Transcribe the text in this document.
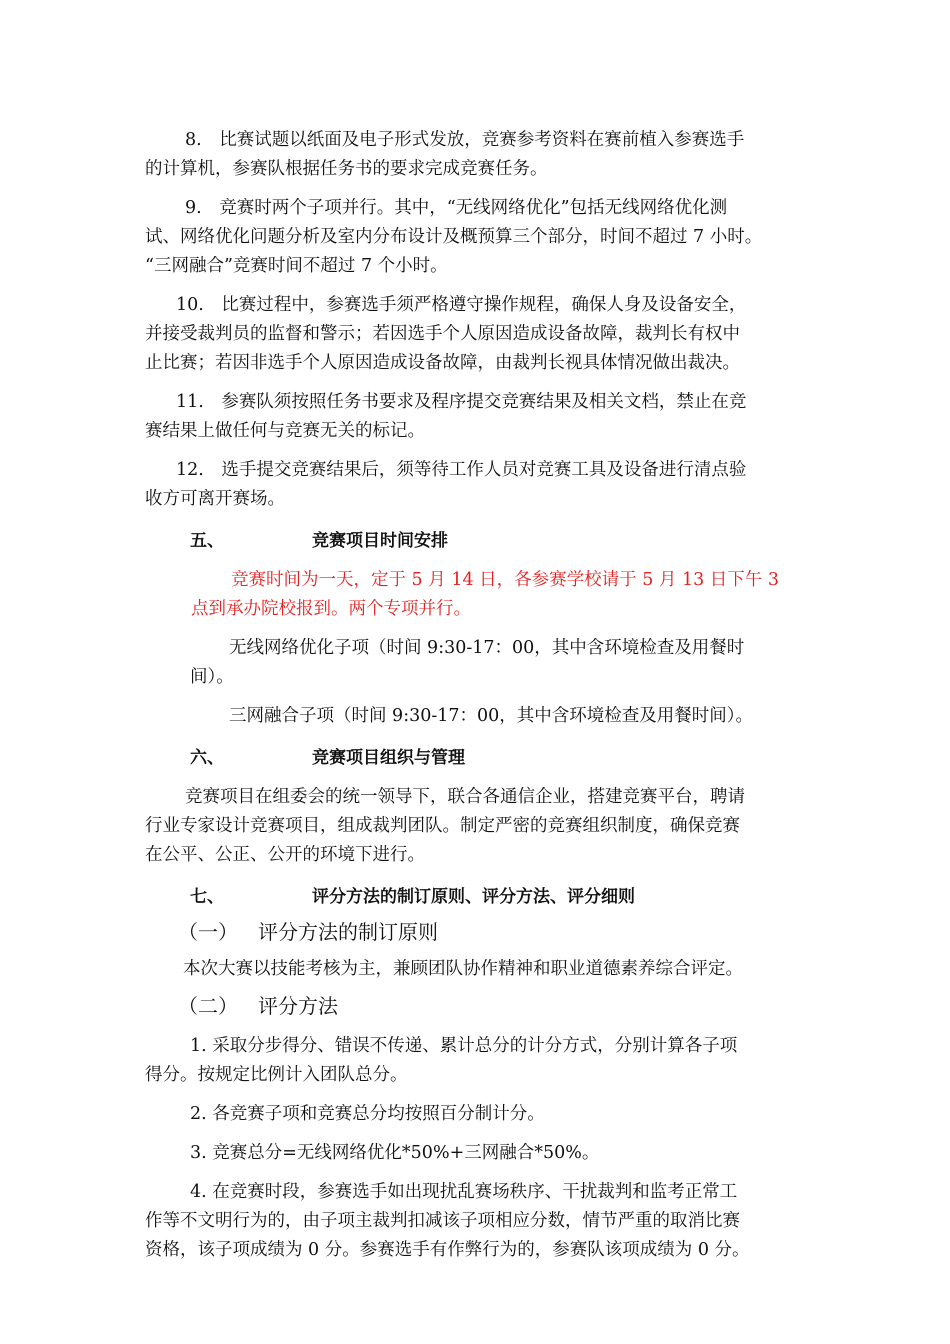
8.　比赛试题以纸面及电子形式发放，竞赛参考资料在赛前植入参赛选手
的计算机，参赛队根据任务书的要求完成竞赛任务。
9.　竞赛时两个子项并行。其中，“无线网络优化”包括无线网络优化测
试、网络优化问题分析及室内分布设计及概预算三个部分，时间不超过 7 小时。
“三网融合”竞赛时间不超过 7 个小时。
10.　比赛过程中，参赛选手须严格遵守操作规程，确保人身及设备安全，
并接受裁判员的监督和警示；若因选手个人原因造成设备故障，裁判长有权中
止比赛；若因非选手个人原因造成设备故障，由裁判长视具体情况做出裁决。
11.　参赛队须按照任务书要求及程序提交竞赛结果及相关文档，禁止在竞
赛结果上做任何与竞赛无关的标记。
12.　选手提交竞赛结果后，须等待工作人员对竞赛工具及设备进行清点验
收方可离开赛场。
五、	竞赛项目时间安排
竞赛时间为一天，定于 5 月 14 日，各参赛学校请于 5 月 13 日下午 3
点到承办院校报到。两个专项并行。
无线网络优化子项（时间 9:30-17：00，其中含环境检查及用餐时
间）。
三网融合子项（时间 9:30-17：00，其中含环境检查及用餐时间）。
六、	竞赛项目组织与管理
竞赛项目在组委会的统一领导下，联合各通信企业，搭建竞赛平台，聘请
行业专家设计竞赛项目，组成裁判团队。制定严密的竞赛组织制度，确保竞赛
在公平、公正、公开的环境下进行。
七、	评分方法的制订原则、评分方法、评分细则
（一） 评分方法的制订原则
本次大赛以技能考核为主，兼顾团队协作精神和职业道德素养综合评定。
（二） 评分方法
1. 采取分步得分、错误不传递、累计总分的计分方式，分别计算各子项
得分。按规定比例计入团队总分。
2. 各竞赛子项和竞赛总分均按照百分制计分。
3. 竞赛总分=无线网络优化*50%+三网融合*50%。
4. 在竞赛时段，参赛选手如出现扰乱赛场秩序、干扰裁判和监考正常工
作等不文明行为的，由子项主裁判扣减该子项相应分数，情节严重的取消比赛
资格，该子项成绩为 0 分。参赛选手有作弊行为的，参赛队该项成绩为 0 分。
